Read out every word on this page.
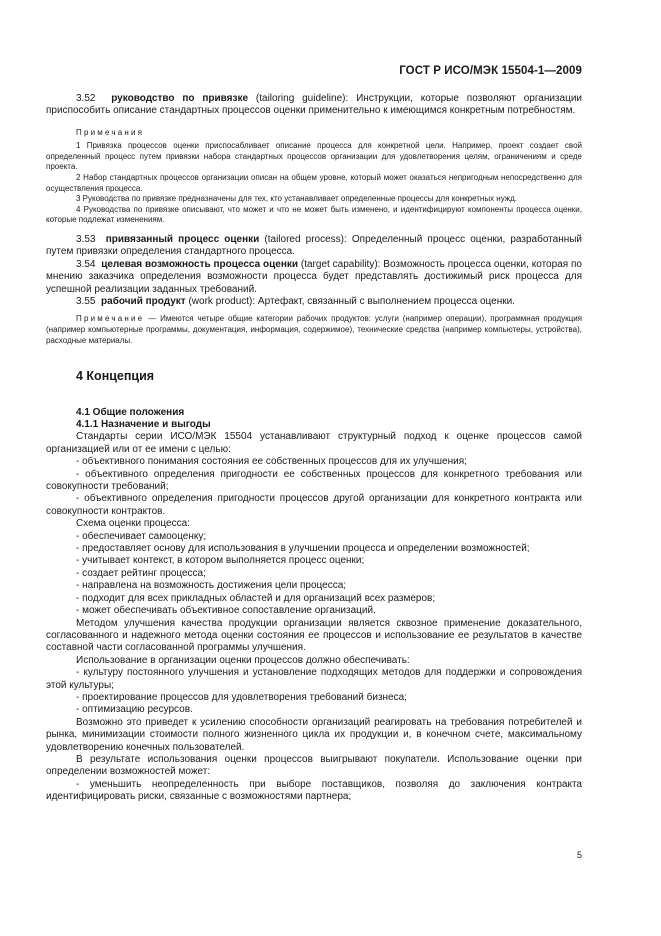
ГОСТ Р ИСО/МЭК 15504-1—2009

3.52 руководство по привязке (tailoring guideline): Инструкции, которые позволяют организации приспособить описание стандартных процессов оценки применительно к имеющимся конкретным потребностям.

Примечания

1 Привязка процессов оценки приспосабливает описание процесса для конкретной цели. Например, проект создает свой определенный процесс путем привязки набора стандартных процессов организации для удовлетворения целям, ограничениям и среде проекта.

2 Набор стандартных процессов организации описан на общем уровне, который может оказаться непригодным непосредственно для осуществления процесса.

3 Руководства по привязке предназначены для тех, кто устанавливает определенные процессы для конкретных нужд.

4 Руководства по привязке описывают, что может и что не может быть изменено, и идентифицируют компоненты процесса оценки, которые подлежат изменениям.

3.53 привязанный процесс оценки (tailored process): Определенный процесс оценки, разработанный путем привязки определения стандартного процесса.

3.54 целевая возможность процесса оценки (target capability): Возможность процесса оценки, которая по мнению заказчика определения возможности процесса будет представлять достижимый риск процесса для успешной реализации заданных требований.

3.55 рабочий продукт (work product): Артефакт, связанный с выполнением процесса оценки.

Примечание — Имеются четыре общие категории рабочих продуктов: услуги (например операции), программная продукция (например компьютерные программы, документация, информация, содержимое), технические средства (например компьютеры, устройства), расходные материалы.

4 Концепция
4.1 Общие положения
4.1.1 Назначение и выгоды

Стандарты серии ИСО/МЭК 15504 устанавливают структурный подход к оценке процессов самой организацией или от ее имени с целью:

- объективного понимания состояния ее собственных процессов для их улучшения;

- объективного определения пригодности ее собственных процессов для конкретного требования или совокупности требований;

- объективного определения пригодности процессов другой организации для конкретного контракта или совокупности контрактов.

Схема оценки процесса:

- обеспечивает самооценку;

- предоставляет основу для использования в улучшении процесса и определении возможностей;

- учитывает контекст, в котором выполняется процесс оценки;

- создает рейтинг процесса;

- направлена на возможность достижения цели процесса;

- подходит для всех прикладных областей и для организаций всех размеров;

- может обеспечивать объективное сопоставление организаций.

Методом улучшения качества продукции организации является сквозное применение доказательного, согласованного и надежного метода оценки состояния ее процессов и использование ее результатов в качестве составной части согласованной программы улучшения.

Использование в организации оценки процессов должно обеспечивать:

- культуру постоянного улучшения и установление подходящих методов для поддержки и сопровождения этой культуры;

- проектирование процессов для удовлетворения требований бизнеса;

- оптимизацию ресурсов.

Возможно это приведет к усилению способности организаций реагировать на требования потребителей и рынка, минимизации стоимости полного жизненного цикла их продукции и, в конечном счете, максимальному удовлетворению конечных пользователей.

В результате использования оценки процессов выигрывают покупатели. Использование оценки при определении возможностей может:

- уменьшить неопределенность при выборе поставщиков, позволяя до заключения контракта идентифицировать риски, связанные с возможностями партнера;

5
